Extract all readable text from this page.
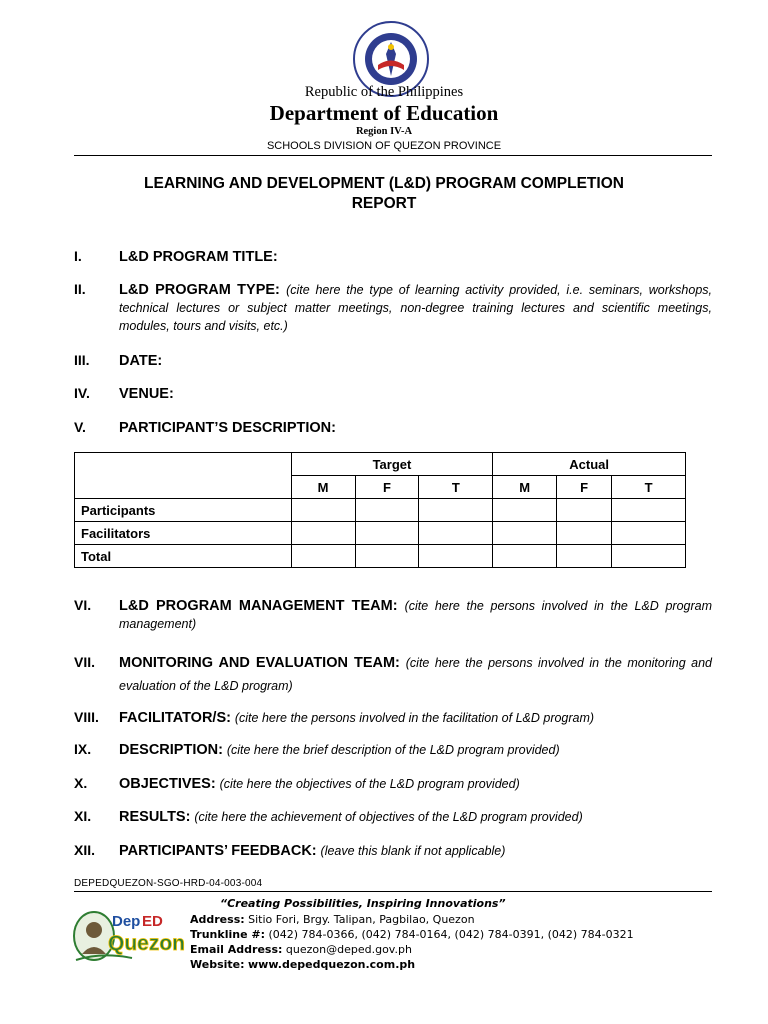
Republic of the Philippines
Department of Education
Region IV-A
SCHOOLS DIVISION OF QUEZON PROVINCE
LEARNING AND DEVELOPMENT (L&D) PROGRAM COMPLETION
REPORT
I.	L&D PROGRAM TITLE:
II. L&D PROGRAM TYPE: (cite here the type of learning activity provided, i.e. seminars, workshops, technical lectures or subject matter meetings, non-degree training lectures and scientific meetings, modules, tours and visits, etc.)
III. DATE:
IV. VENUE:
V. PARTICIPANT’S DESCRIPTION:
	Target			Actual		
	M	F	T	M	F	T
Participants						
Facilitators						
Total						
VI. L&D PROGRAM MANAGEMENT TEAM: (cite here the persons involved in the L&D program management)
VII. MONITORING AND EVALUATION TEAM: (cite here the persons involved in the monitoring and evaluation of the L&D program)
VIII. FACILITATOR/S: (cite here the persons involved in the facilitation of L&D program)
IX. DESCRIPTION: (cite here the brief description of the L&D program provided)
X. OBJECTIVES: (cite here the objectives of the L&D program provided)
XI. RESULTS: (cite here the achievement of objectives of the L&D program provided)
XII. PARTICIPANTS’ FEEDBACK: (leave this blank if not applicable)
DEPEDQUEZON-SGO-HRD-04-003-004
“Creating Possibilities, Inspiring Innovations”
Dep ED
Quezon
Address: Sitio Fori, Brgy. Talipan, Pagbilao, Quezon
Trunkline #: (042) 784-0366, (042) 784-0164, (042) 784-0391, (042) 784-0321
Email Address: quezon@deped.gov.ph
Website: www.depedquezon.com.ph
